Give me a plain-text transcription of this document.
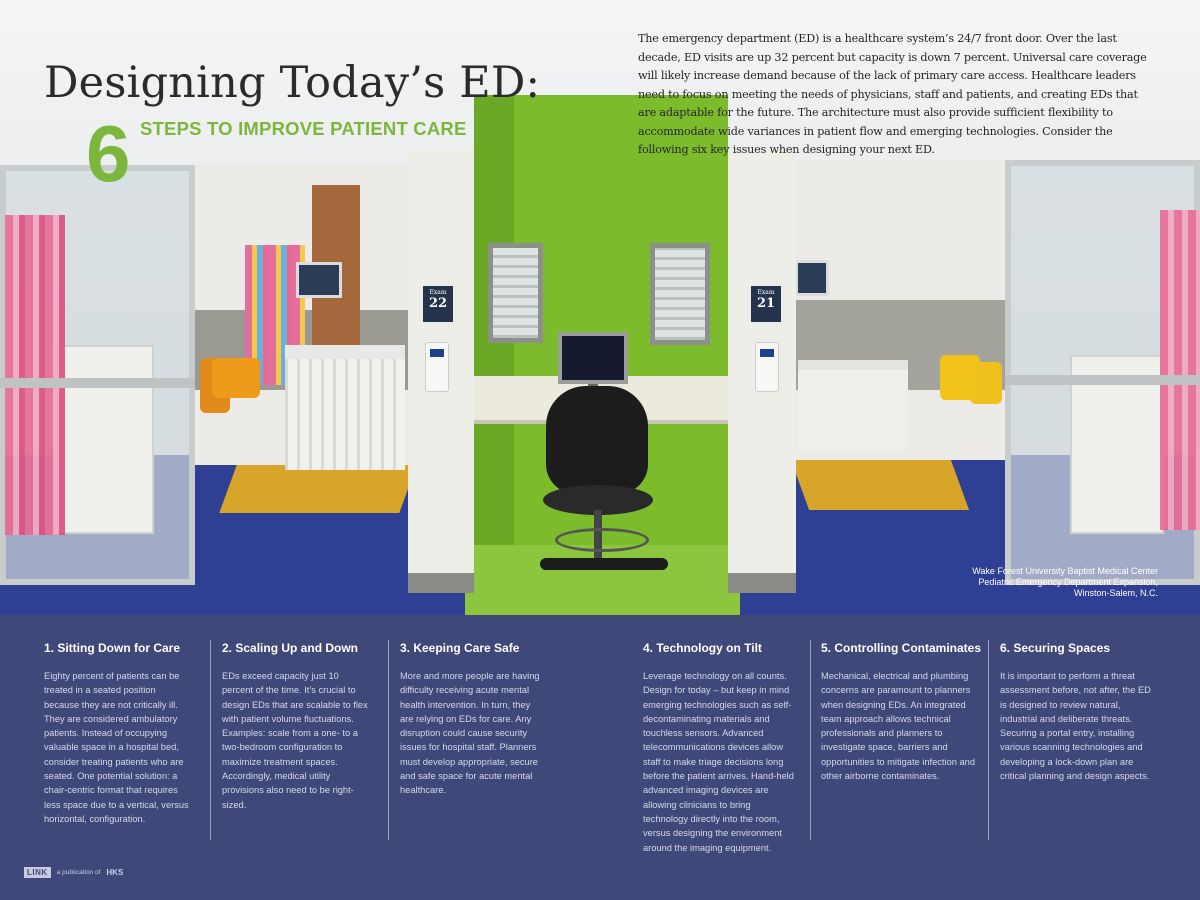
Exam
22
Exam
21

Wake Forest University Baptist Medical Center
Pediatric Emergency Department Expansion,
Winston-Salem, N.C.

Designing Today’s ED:
6 STEPS TO IMPROVE PATIENT CARE

The emergency department (ED) is a healthcare system’s 24/7 front door. Over the last decade, ED visits are up 32 percent but capacity is down 7 percent. Universal care coverage will likely increase demand because of the lack of primary care access. Healthcare leaders need to focus on meeting the needs of physicians, staff and patients, and creating EDs that are adaptable for the future. The architecture must also provide sufficient flexibility to accommodate wide variances in patient flow and emerging technologies. Consider the following six key issues when designing your next ED.

1. Sitting Down for Care

Eighty percent of patients can be treated in a seated position because they are not critically ill. They are considered ambulatory patients. Instead of occupying valuable space in a hospital bed, consider treating patients who are seated. One potential solution: a chair-centric format that requires less space due to a vertical, versus horizontal, configuration.

2. Scaling Up and Down

EDs exceed capacity just 10 percent of the time. It’s crucial to design EDs that are scalable to flex with patient volume fluctuations. Examples: scale from a one- to a two-bedroom configuration to maximize treatment spaces. Accordingly, medical utility provisions also need to be right-sized.

3. Keeping Care Safe

More and more people are having difficulty receiving acute mental health intervention. In turn, they are relying on EDs for care. Any disruption could cause security issues for hospital staff. Planners must develop appropriate, secure and safe space for acute mental healthcare.

4. Technology on Tilt

Leverage technology on all counts. Design for today – but keep in mind emerging technologies such as self-decontaminating materials and touchless sensors. Advanced telecommunications devices allow staff to make triage decisions long before the patient arrives. Hand-held advanced imaging devices are allowing clinicians to bring technology directly into the room, versus designing the environment around the imaging equipment.

5. Controlling Contaminates

Mechanical, electrical and plumbing concerns are paramount to planners when designing EDs. An integrated team approach allows technical professionals and planners to investigate space, barriers and opportunities to mitigate infection and other airborne contaminates.

6. Securing Spaces

It is important to perform a threat assessment before, not after, the ED is designed to review natural, industrial and deliberate threats. Securing a portal entry, installing various scanning technologies and developing a lock-down plan are critical planning and design aspects.

LINK	a publication of HKS
